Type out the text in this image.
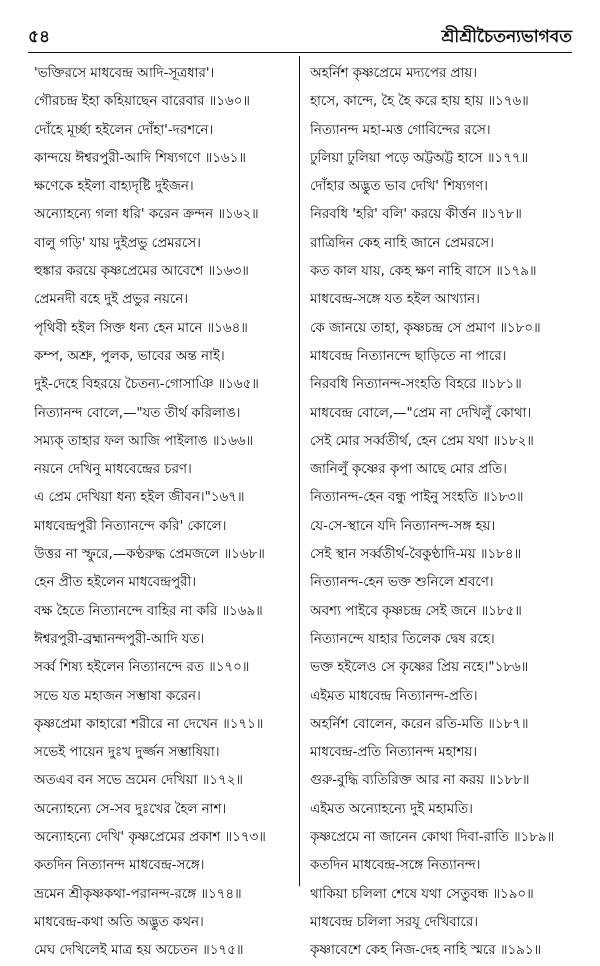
৫৪	শ্রীশ্রীচৈতন্যভাগবত
'ভক্তিরসে মাধবেন্দ্র আদি-সূত্রধার'।
গৌরচন্দ্র ইহা কহিয়াছেন বারেবার ॥১৬০॥
দোঁহে মূর্চ্ছা হইলেন দোঁহা'-দরশনে।
কান্দয়ে ঈশ্বরপুরী-আদি শিষ্যগণে ॥১৬১॥
ক্ষণেকে হইলা বাহ্যদৃষ্টি দুইজন।
অন্যোহন্যে গলা ধরি' করেন ক্রন্দন ॥১৬২॥
বালু গড়ি' যায় দুইপ্রভু প্রেমরসে।
হুঙ্কার করয়ে কৃষ্ণপ্রেমের আবেশে ॥১৬৩॥
প্রেমনদী বহে দুই প্রভুর নয়নে।
পৃথিবী হইল সিক্ত ধন্য হেন মানে ॥১৬৪॥
কম্প, অশ্রু, পুলক, ভাবের অন্ত নাই।
দুই-দেহে বিহরয়ে চৈতন্য-গোসাঞি ॥১৬৫॥
নিত্যানন্দ বোলে,—"যত তীর্থ করিলাঙ।
সম্যক্ তাহার ফল আজি পাইলাঙ ॥১৬৬॥
নয়নে দেখিনু মাধবেন্দ্রের চরণ।
এ প্রেম দেখিয়া ধন্য হইল জীবন।"১৬৭॥
মাধবেন্দ্রপুরী নিত্যানন্দে করি' কোলে।
উত্তর না স্ফুরে,—কণ্ঠরুদ্ধ প্রেমজলে ॥১৬৮॥
হেন প্রীত হইলেন মাধবেন্দ্রপুরী।
বক্ষ হৈতে নিত্যানন্দে বাহির না করি ॥১৬৯॥
ঈশ্বরপুরী-ব্রহ্মানন্দপুরী-আদি যত।
সর্ব্ব শিষ্য হইলেন নিত্যানন্দে রত ॥১৭০॥
সভে যত মহাজন সম্ভাষা করেন।
কৃষ্ণপ্রেমা কাহারো শরীরে না দেখেন ॥১৭১॥
সভেই পায়েন দুঃখ দুর্জ্জন সম্ভাষিয়া।
অতএব বন সভে ভ্রমেন দেখিয়া ॥১৭২॥
অন্যোহন্যে সে-সব দুঃখের হৈল নাশ।
অন্যোহন্যে দেখি' কৃষ্ণপ্রেমের প্রকাশ ॥১৭৩॥
কতদিন নিত্যানন্দ মাধবেন্দ্র-সঙ্গে।
ভ্রমেন শ্রীকৃষ্ণকথা-পরানন্দ-রঙ্গে ॥১৭৪॥
মাধবেন্দ্র-কথা অতি অদ্ভুত কথন।
মেঘ দেখিলেই মাত্র হয় অচেতন ॥১৭৫॥
অহর্নিশ কৃষ্ণপ্রেমে মদ্যপের প্রায়।
হাসে, কান্দে, হৈ হৈ করে হায় হায় ॥১৭৬॥
নিত্যানন্দ মহা-মত্ত গোবিন্দের রসে।
ঢুলিয়া ঢুলিয়া পড়ে অট্টঅট্ট হাসে ॥১৭৭॥
দোঁহার অদ্ভুত ভাব দেখি' শিষ্যগণ।
নিরবধি 'হরি' বলি' করয়ে কীর্ত্তন ॥১৭৮॥
রাত্রিদিন কেহ নাহি জানে প্রেমরসে।
কত কাল যায়, কেহ ক্ষণ নাহি বাসে ॥১৭৯॥
মাধবেন্দ্র-সঙ্গে যত হইল আখ্যান।
কে জানয়ে তাহা, কৃষ্ণচন্দ্র সে প্রমাণ ॥১৮০॥
মাধবেন্দ্র নিত্যানন্দে ছাড়িতে না পারে।
নিরবধি নিত্যানন্দ-সংহতি বিহরে ॥১৮১॥
মাধবেন্দ্র বোলে,—"প্রেম না দেখিলুঁ কোথা।
সেই মোর সর্ব্বতীর্থ, হেন প্রেম যথা ॥১৮২॥
জানিলুঁ কৃষ্ণের কৃপা আছে মোর প্রতি।
নিত্যানন্দ-হেন বন্ধু পাইনু সংহতি ॥১৮৩॥
যে-সে-স্থানে যদি নিত্যানন্দ-সঙ্গ হয়।
সেই স্থান সর্ব্বতীর্থ-বৈকুণ্ঠাদি-ময় ॥১৮৪॥
নিত্যানন্দ-হেন ভক্ত শুনিলে শ্রবণে।
অবশ্য পাইবে কৃষ্ণচন্দ্র সেই জনে ॥১৮৫॥
নিত্যানন্দে যাহার তিলেক দ্বেষ রহে।
ভক্ত হইলেও সে কৃষ্ণের প্রিয় নহে।"১৮৬॥
এইমত মাধবেন্দ্র নিত্যানন্দ-প্রতি।
অহর্নিশ বোলেন, করেন রতি-মতি ॥১৮৭॥
মাধবেন্দ্র-প্রতি নিত্যানন্দ মহাশয়।
গুরু-বুদ্ধি ব্যতিরিক্ত আর না করয় ॥১৮৮॥
এইমত অন্যোহন্যে দুই মহামতি।
কৃষ্ণপ্রেমে না জানেন কোথা দিবা-রাতি ॥১৮৯॥
কতদিন মাধবেন্দ্র-সঙ্গে নিত্যানন্দ।
থাকিয়া চলিলা শেষে যথা সেতুবন্ধ ॥১৯০॥
মাধবেন্দ্র চলিলা সরযূ দেখিবারে।
কৃষ্ণাবেশে কেহ নিজ-দেহ নাহি স্মরে ॥১৯১॥
